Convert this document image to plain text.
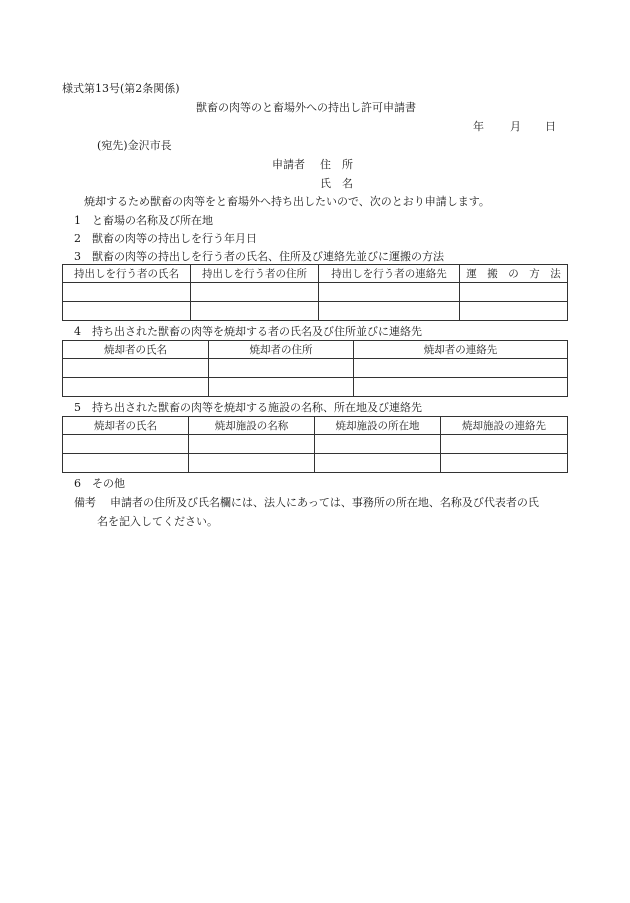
様式第13号(第2条関係)
獣畜の肉等のと畜場外への持出し許可申請書
年 月 日
(宛先)金沢市長
申請者 住　所
氏　名
焼却するため獣畜の肉等をと畜場外へ持ち出したいので、次のとおり申請します。
1　と畜場の名称及び所在地
2　獣畜の肉等の持出しを行う年月日
3　獣畜の肉等の持出しを行う者の氏名、住所及び連絡先並びに運搬の方法
持出しを行う者の氏名	持出しを行う者の住所	持出しを行う者の連絡先	運　搬　の　方　法

4　持ち出された獣畜の肉等を焼却する者の氏名及び住所並びに連絡先
焼却者の氏名	焼却者の住所	焼却者の連絡先

5　持ち出された獣畜の肉等を焼却する施設の名称、所在地及び連絡先
焼却者の氏名	焼却施設の名称	焼却施設の所在地	焼却施設の連絡先

6　その他
備考 申請者の住所及び氏名欄には、法人にあっては、事務所の所在地、名称及び代表者の氏
名を記入してください。
